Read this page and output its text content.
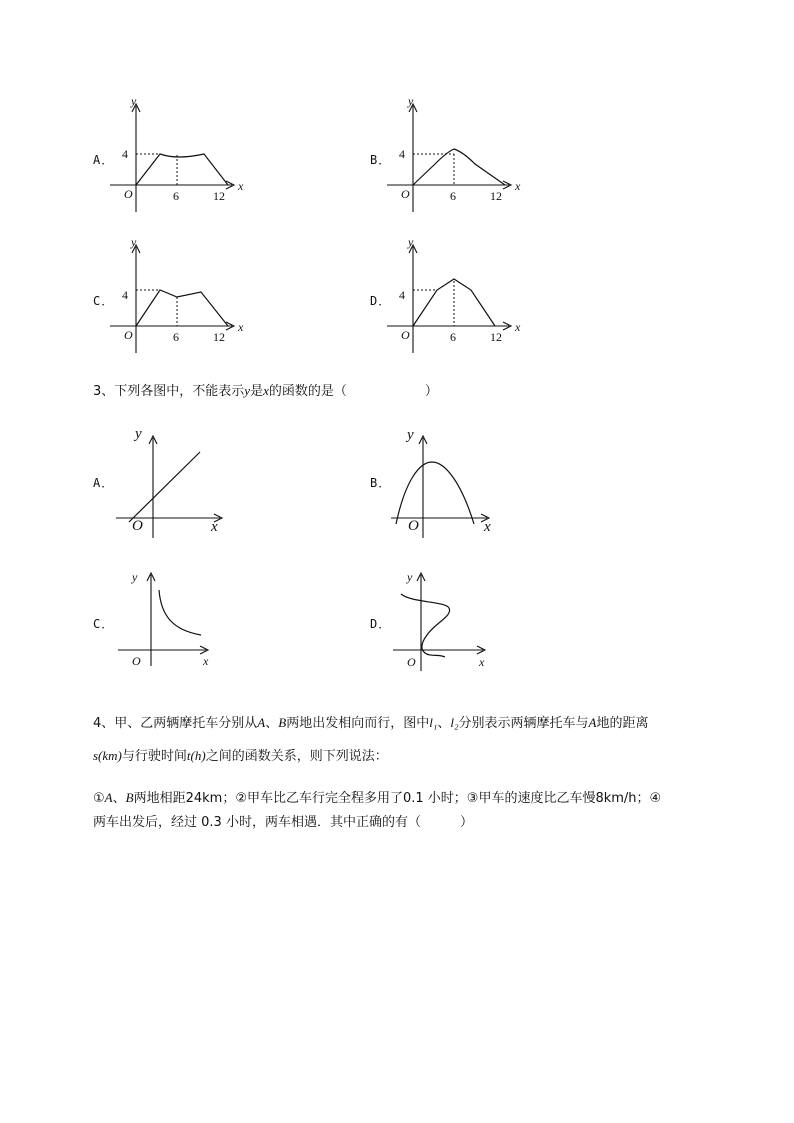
A． 4
O	6	12
x
y
B． 4
O	6	12
x
y
C． 4
O	6	12
x
y
D． 4
O	6	12
x
y
3、下列各图中，不能表示y是x的函数的是（　　　　　　）
A．
O	x
y
B．
O	x
y
C．
O	x
y
D．
O	x
y
4、甲、乙两辆摩托车分别从A、B两地出发相向而行，图中l₁、l₂分别表示两辆摩托车与A地的距离
s(km)与行驶时间t(h)之间的函数关系，则下列说法：
①A、B两地相距24km；②甲车比乙车行完全程多用了0.1 小时；③甲车的速度比乙车慢8km/h；④
两车出发后，经过 0.3 小时，两车相遇．其中正确的有（　　　）
